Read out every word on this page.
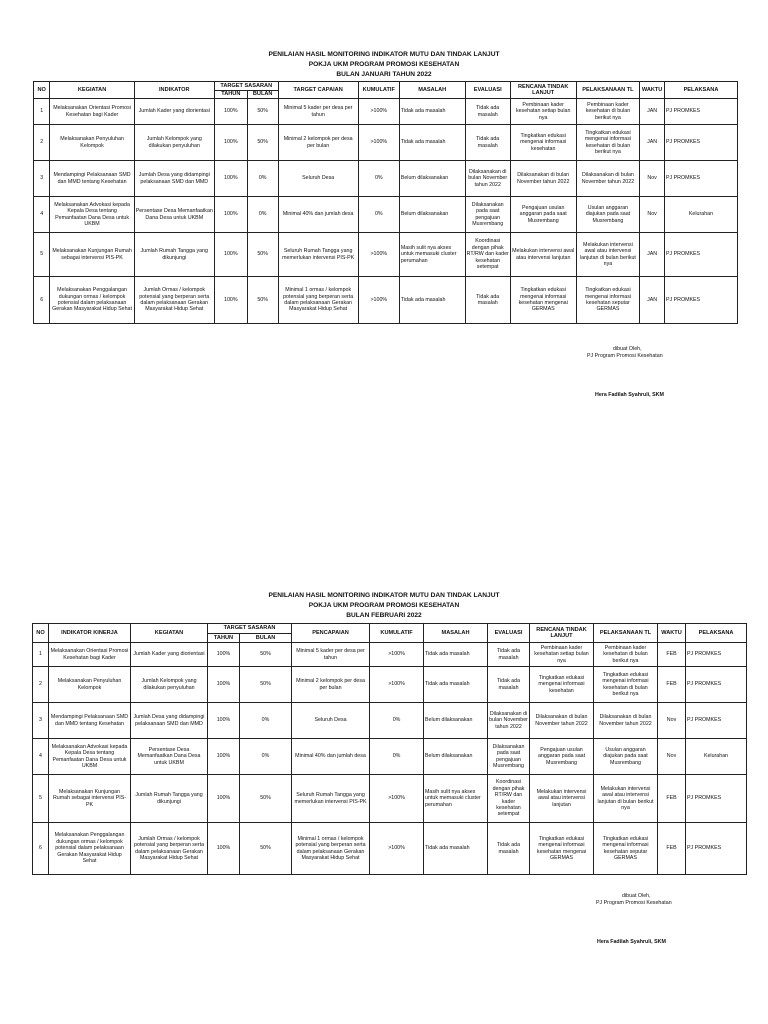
PENILAIAN HASIL MONITORING INDIKATOR MUTU DAN TINDAK LANJUT
POKJA UKM PROGRAM PROMOSI KESEHATAN
BULAN JANUARI TAHUN 2022
NO	KEGIATAN	INDIKATOR	TARGET SASARAN		TARGET CAPAIAN	KUMULATIF	MASALAH	EVALUASI	RENCANA TINDAK LANJUT	PELAKSANAAN TL	WAKTU	PELAKSANA
			TAHUN	BULAN								
1	Melaksanakan Orientasi Promosi Kesehatan bagi Kader	Jumlah Kader yang diorientasi	100%	50%	Minimal 5 kader per desa per tahun	>100%	Tidak ada masalah	Tidak ada masalah	Pembinaan kader kesehatan setiap bulan nya	Pembinaan kader kesehatan di bulan berikut nya	JAN	PJ PROMKES
2	Melaksanakan Penyuluhan Kelompok	Jumlah Kelompok yang dilakukan penyuluhan	100%	50%	Minimal 2 kelompok per desa per bulan	>100%	Tidak ada masalah	Tidak ada masalah	Tingkatkan edukasi mengenai informasi kesehatan	Tingkatkan edukasi mengenai informasi kesehatan di bulan berikut nya	JAN	PJ PROMKES
3	Mendampingi Pelaksanaan SMD dan MMD tentang Kesehatan	Jumlah Desa yang didampingi pelaksanaan SMD dan MMD	100%	0%	Seluruh Desa	0%	Belum dilaksanakan	Dilaksanakan di bulan November tahun 2022	Dilaksanakan di bulan November tahun 2022	Dilaksanakan di bulan November tahun 2022	Nov	PJ PROMKES
4	Melaksanakan Advokasi kepada Kepala Desa tentang Pemanfaatan Dana Desa untuk UKBM	Persentase Desa Memanfaatkan Dana Desa untuk UKBM	100%	0%	Minimal 40% dan jumlah desa	0%	Belum dilaksanakan	Dilaksanakan pada saat pengajuan Musrembang	Pengajuan usulan anggaran pada saat Musrembang	Usulan anggaran diajukan pada saat Musrembang	Nov	Kelurahan
5	Melaksanakan Kunjungan Rumah sebagai intervensi PIS-PK	Jumlah Rumah Tangga yang dikunjungi	100%	50%	Seluruh Rumah Tangga yang memerlukan intervensi PIS-PK	>100%	Masih sulit nya akses untuk memasuki cluster perumahan	Koordinasi dengan pihak RT/RW dan kader kesehatan setempat	Melakukan intervensi awal atau intervensi lanjutan	Melakukan intervensi awal atau intervensi lanjutan di bulan berikut nya	JAN	PJ PROMKES
6	Melaksanakan Penggalangan dukungan ormas / kelompok potensial dalam pelaksanaan Gerakan Masyarakat Hidup Sehat	Jumlah Ormas / kelompok potensial yang berperan serta dalam pelaksanaan Gerakan Masyarakat Hidup Sehat	100%	50%	Minimal 1 ormas / kelompok potensial yang berperan serta dalam pelaksanaan Gerakan Masyarakat Hidup Sehat	>100%	Tidak ada masalah	Tidak ada masalah	Tingkatkan edukasi mengenai informasi kesehatan mengenai GERMAS	Tingkatkan edukasi mengenai informasi kesehatan seputar GERMAS	JAN	PJ PROMKES
dibuat Oleh,
PJ Program Promosi Kesehatan
Hera Fadilah Syahruli, SKM
PENILAIAN HASIL MONITORING INDIKATOR MUTU DAN TINDAK LANJUT
POKJA UKM PROGRAM PROMOSI KESEHATAN
BULAN FEBRUARI 2022
NO	INDIKATOR KINERJA	KEGIATAN	TARGET SASARAN		PENCAPAIAN	KUMULATIF	MASALAH	EVALUASI	RENCANA TINDAK LANJUT	PELAKSANAAN TL	WAKTU	PELAKSANA
			TAHUN	BULAN								
1	Melaksanakan Orientasi Promosi Kesehatan bagi Kader	Jumlah Kader yang diorientasi	100%	50%	Minimal 5 kader per desa per tahun	>100%	Tidak ada masalah	Tidak ada masalah	Pembinaan kader kesehatan setiap bulan nya	Pembinaan kader kesehatan di bulan berikut nya	FEB	PJ PROMKES
2	Melaksanakan Penyuluhan Kelompok	Jumlah Kelompok yang dilakukan penyuluhan	100%	50%	Minimal 2 kelompok per desa per bulan	>100%	Tidak ada masalah	Tidak ada masalah	Tingkatkan edukasi mengenai informasi kesehatan	Tingkatkan edukasi mengenai informasi kesehatan di bulan berikut nya	FEB	PJ PROMKES
3	Mendampingi Pelaksanaan SMD dan MMD tentang Kesehatan	Jumlah Desa yang didampingi pelaksanaan SMD dan MMD	100%	0%	Seluruh Desa	0%	Belum dilaksanakan	Dilaksanakan di bulan November tahun 2022	Dilaksanakan di bulan November tahun 2022	Dilaksanakan di bulan November tahun 2022	Nov	PJ PROMKES
4	Melaksanakan Advokasi kepada Kepala Desa tentang Pemanfaatan Dana Desa untuk UKBM	Persentase Desa Memanfaatkan Dana Desa untuk UKBM	100%	0%	Minimal 40% dan jumlah desa	0%	Belum dilaksanakan	Dilaksanakan pada saat pengajuan Musrembang	Pengajuan usulan anggaran pada saat Musrembang	Usulan anggaran diajukan pada saat Musrembang	Nov	Kelurahan
5	Melaksanakan Kunjungan Rumah sebagai intervensi PIS-PK	Jumlah Rumah Tangga yang dikunjungi	100%	50%	Seluruh Rumah Tangga yang memerlukan intervensi PIS-PK	>100%	Masih sulit nya akses untuk memasuki cluster perumahan	Koordinasi dengan pihak RT/RW dan kader kesehatan setempat	Melakukan intervensi awal atau intervensi lanjutan	Melakukan intervensi awal atau intervensi lanjutan di bulan berikut nya	FEB	PJ PROMKES
6	Melaksanakan Penggalangan dukungan ormas / kelompok potensial dalam pelaksanaan Gerakan Masyarakat Hidup Sehat	Jumlah Ormas / kelompok potensial yang berperan serta dalam pelaksanaan Gerakan Masyarakat Hidup Sehat	100%	50%	Minimal 1 ormas / kelompok potensial yang berperan serta dalam pelaksanaan Gerakan Masyarakat Hidup Sehat	>100%	Tidak ada masalah	Tidak ada masalah	Tingkatkan edukasi mengenai informasi kesehatan mengenai GERMAS	Tingkatkan edukasi mengenai informasi kesehatan seputar GERMAS	FEB	PJ PROMKES
dibuat Oleh,
PJ Program Promosi Kesehatan
Hera Fadilah Syahruli, SKM
